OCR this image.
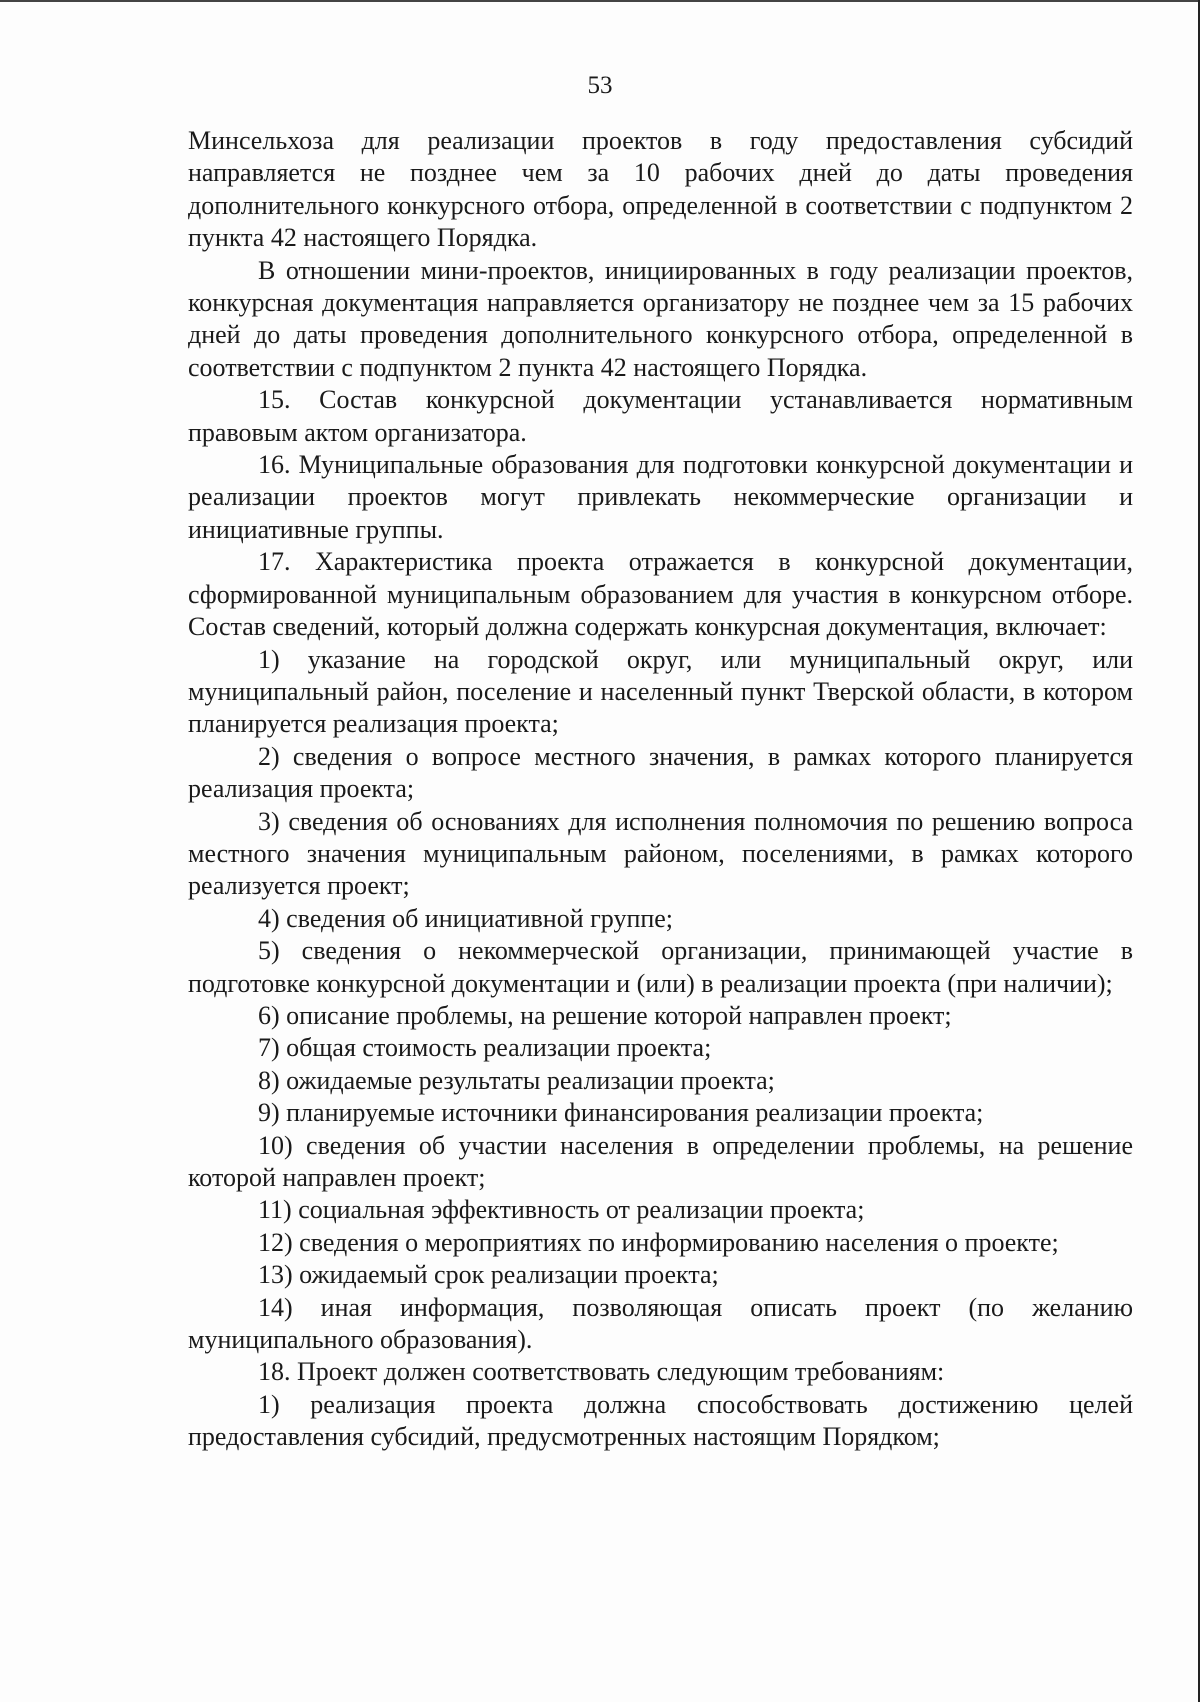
53

Минсельхоза для реализации проектов в году предоставления субсидий направляется не позднее чем за 10 рабочих дней до даты проведения дополнительного конкурсного отбора, определенной в соответствии с подпунктом 2 пункта 42 настоящего Порядка.

В отношении мини-проектов, инициированных в году реализации проектов, конкурсная документация направляется организатору не позднее чем за 15 рабочих дней до даты проведения дополнительного конкурсного отбора, определенной в соответствии с подпунктом 2 пункта 42 настоящего Порядка.

15. Состав конкурсной документации устанавливается нормативным правовым актом организатора.

16. Муниципальные образования для подготовки конкурсной документации и реализации проектов могут привлекать некоммерческие организации и инициативные группы.

17. Характеристика проекта отражается в конкурсной документации, сформированной муниципальным образованием для участия в конкурсном отборе. Состав сведений, который должна содержать конкурсная документация, включает:

1) указание на городской округ, или муниципальный округ, или муниципальный район, поселение и населенный пункт Тверской области, в котором планируется реализация проекта;

2) сведения о вопросе местного значения, в рамках которого планируется реализация проекта;

3) сведения об основаниях для исполнения полномочия по решению вопроса местного значения муниципальным районом, поселениями, в рамках которого реализуется проект;

4) сведения об инициативной группе;

5) сведения о некоммерческой организации, принимающей участие в подготовке конкурсной документации и (или) в реализации проекта (при наличии);

6) описание проблемы, на решение которой направлен проект;

7) общая стоимость реализации проекта;

8) ожидаемые результаты реализации проекта;

9) планируемые источники финансирования реализации проекта;

10) сведения об участии населения в определении проблемы, на решение которой направлен проект;

11) социальная эффективность от реализации проекта;

12) сведения о мероприятиях по информированию населения о проекте;

13) ожидаемый срок реализации проекта;

14) иная информация, позволяющая описать проект (по желанию муниципального образования).

18. Проект должен соответствовать следующим требованиям:

1) реализация проекта должна способствовать достижению целей предоставления субсидий, предусмотренных настоящим Порядком;
